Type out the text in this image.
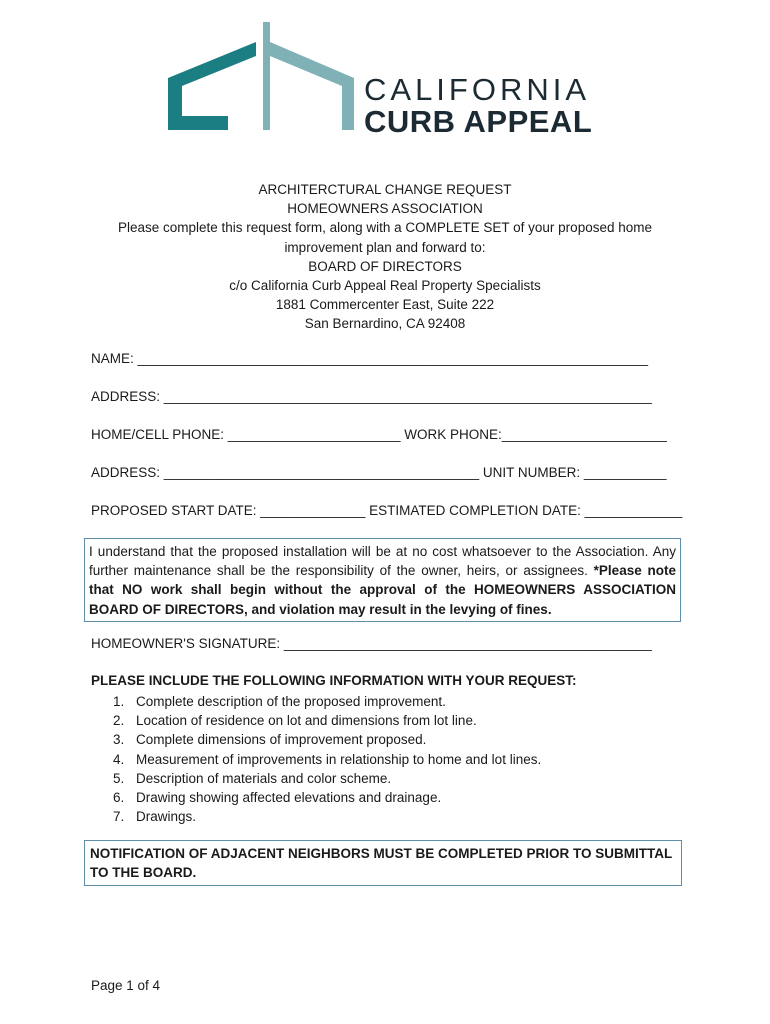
CALIFORNIA
CURB APPEAL
ARCHITERCTURAL CHANGE REQUEST
HOMEOWNERS ASSOCIATION
Please complete this request form, along with a COMPLETE SET of your proposed home
improvement plan and forward to:
BOARD OF DIRECTORS
c/o California Curb Appeal Real Property Specialists
1881 Commercenter East, Suite 222
San Bernardino, CA 92408
NAME: ____________________________________________________________________
ADDRESS: _________________________________________________________________
HOME/CELL PHONE: _______________________ WORK PHONE:______________________
ADDRESS: __________________________________________ UNIT NUMBER: ___________
PROPOSED START DATE: ______________ ESTIMATED COMPLETION DATE: _____________
I understand that the proposed installation will be at no cost whatsoever to the Association. Any further maintenance shall be the responsibility of the owner, heirs, or assignees. *Please note that NO work shall begin without the approval of the HOMEOWNERS ASSOCIATION BOARD OF DIRECTORS, and violation may result in the levying of fines.
HOMEOWNER'S SIGNATURE: _________________________________________________
PLEASE INCLUDE THE FOLLOWING INFORMATION WITH YOUR REQUEST:
1. Complete description of the proposed improvement.
2. Location of residence on lot and dimensions from lot line.
3. Complete dimensions of improvement proposed.
4. Measurement of improvements in relationship to home and lot lines.
5. Description of materials and color scheme.
6. Drawing showing affected elevations and drainage.
7. Drawings.
NOTIFICATION OF ADJACENT NEIGHBORS MUST BE COMPLETED PRIOR TO SUBMITTAL TO THE BOARD.
Page 1 of 4
